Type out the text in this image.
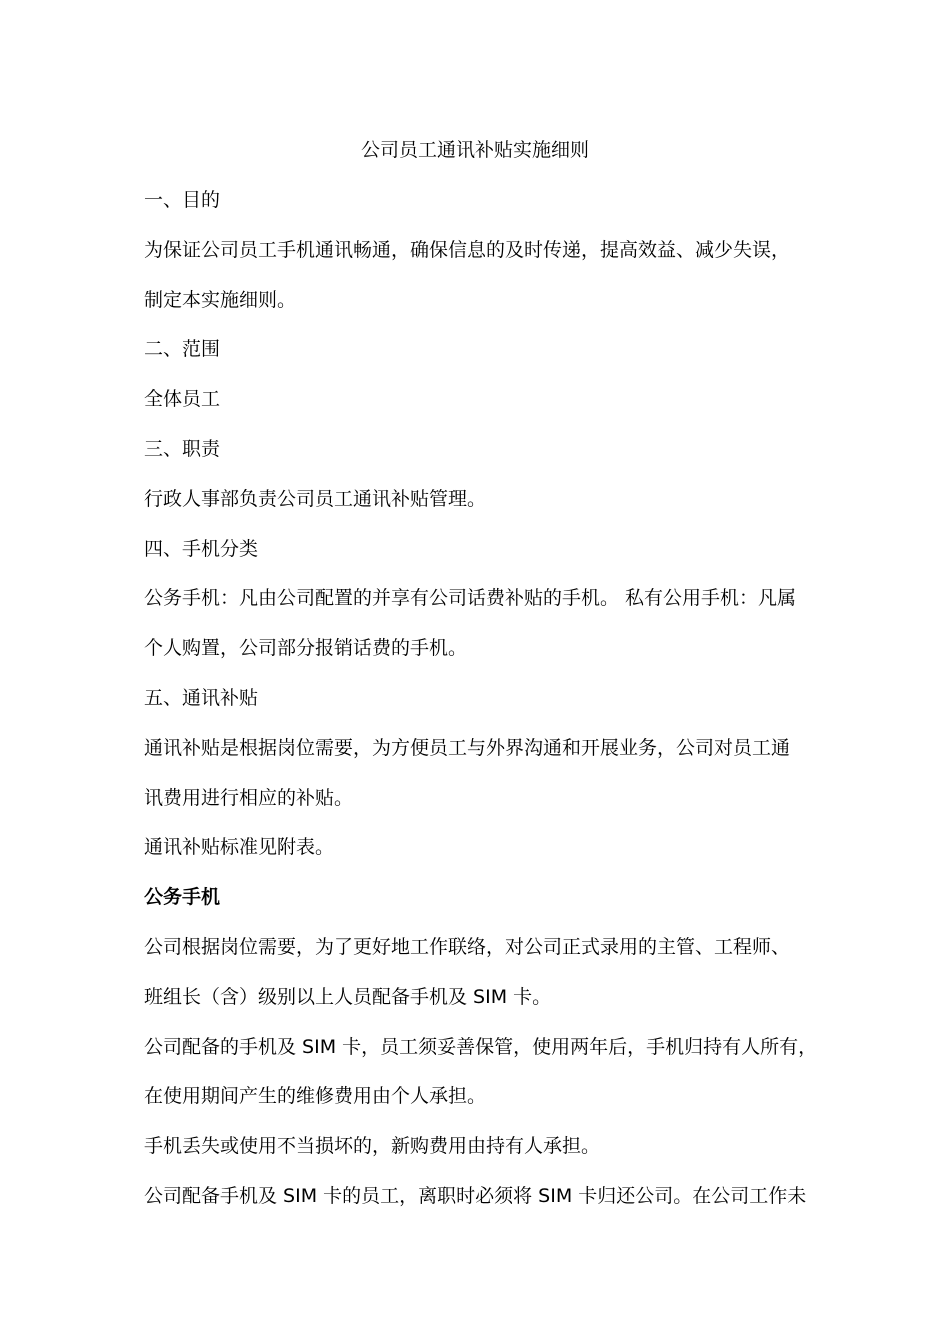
公司员工通讯补贴实施细则
一、目的
为保证公司员工手机通讯畅通，确保信息的及时传递，提高效益、减少失误，
制定本实施细则。
二、范围
全体员工
三、职责
行政人事部负责公司员工通讯补贴管理。
四、手机分类
公务手机：凡由公司配置的并享有公司话费补贴的手机。 私有公用手机：凡属
个人购置，公司部分报销话费的手机。
五、通讯补贴
通讯补贴是根据岗位需要，为方便员工与外界沟通和开展业务，公司对员工通
讯费用进行相应的补贴。
通讯补贴标准见附表。
公务手机
公司根据岗位需要，为了更好地工作联络，对公司正式录用的主管、工程师、
班组长（含）级别以上人员配备手机及 SIM 卡。
公司配备的手机及 SIM 卡，员工须妥善保管，使用两年后，手机归持有人所有，
在使用期间产生的维修费用由个人承担。
手机丢失或使用不当损坏的，新购费用由持有人承担。
公司配备手机及 SIM 卡的员工，离职时必须将 SIM 卡归还公司。在公司工作未
